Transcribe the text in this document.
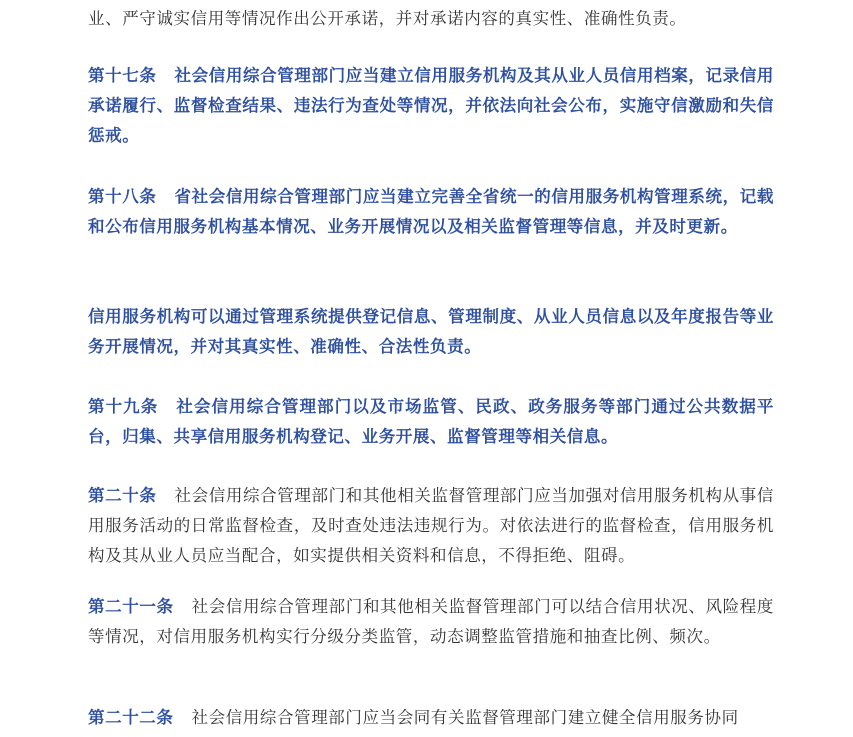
业、严守诚实信用等情况作出公开承诺，并对承诺内容的真实性、准确性负责。

第十七条 社会信用综合管理部门应当建立信用服务机构及其从业人员信用档案，记录信用承诺履行、监督检查结果、违法行为查处等情况，并依法向社会公布，实施守信激励和失信惩戒。

第十八条 省社会信用综合管理部门应当建立完善全省统一的信用服务机构管理系统，记载和公布信用服务机构基本情况、业务开展情况以及相关监督管理等信息，并及时更新。

信用服务机构可以通过管理系统提供登记信息、管理制度、从业人员信息以及年度报告等业务开展情况，并对其真实性、准确性、合法性负责。

第十九条 社会信用综合管理部门以及市场监管、民政、政务服务等部门通过公共数据平台，归集、共享信用服务机构登记、业务开展、监督管理等相关信息。

第二十条 社会信用综合管理部门和其他相关监督管理部门应当加强对信用服务机构从事信用服务活动的日常监督检查，及时查处违法违规行为。对依法进行的监督检查，信用服务机构及其从业人员应当配合，如实提供相关资料和信息，不得拒绝、阻碍。

第二十一条 社会信用综合管理部门和其他相关监督管理部门可以结合信用状况、风险程度等情况，对信用服务机构实行分级分类监管，动态调整监管措施和抽查比例、频次。

第二十二条 社会信用综合管理部门应当会同有关监督管理部门建立健全信用服务协同
